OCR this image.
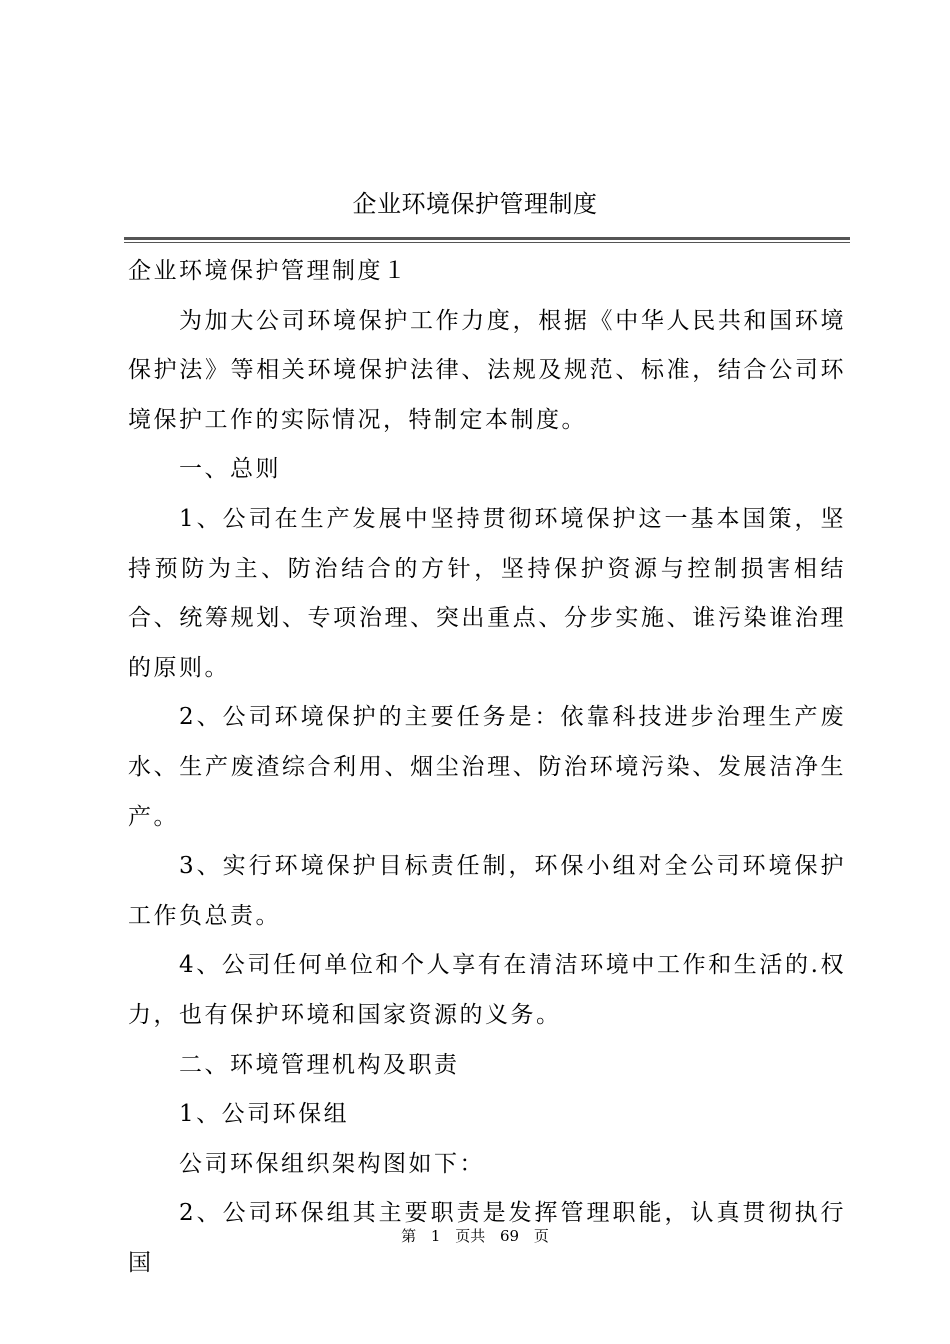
企业环境保护管理制度

企业环境保护管理制度１

为加大公司环境保护工作力度，根据《中华人民共和国环境保护法》等相关环境保护法律、法规及规范、标准，结合公司环境保护工作的实际情况，特制定本制度。

一、总则

1、公司在生产发展中坚持贯彻环境保护这一基本国策，坚持预防为主、防治结合的方针，坚持保护资源与控制损害相结合、统筹规划、专项治理、突出重点、分步实施、谁污染谁治理的原则。

2、公司环境保护的主要任务是：依靠科技进步治理生产废水、生产废渣综合利用、烟尘治理、防治环境污染、发展洁净生产。

3、实行环境保护目标责任制，环保小组对全公司环境保护工作负总责。

4、公司任何单位和个人享有在清洁环境中工作和生活的.权力，也有保护环境和国家资源的义务。

二、环境管理机构及职责

1、公司环保组

公司环保组织架构图如下：

2、公司环保组其主要职责是发挥管理职能，认真贯彻执行国

第 1 页共 69 页
